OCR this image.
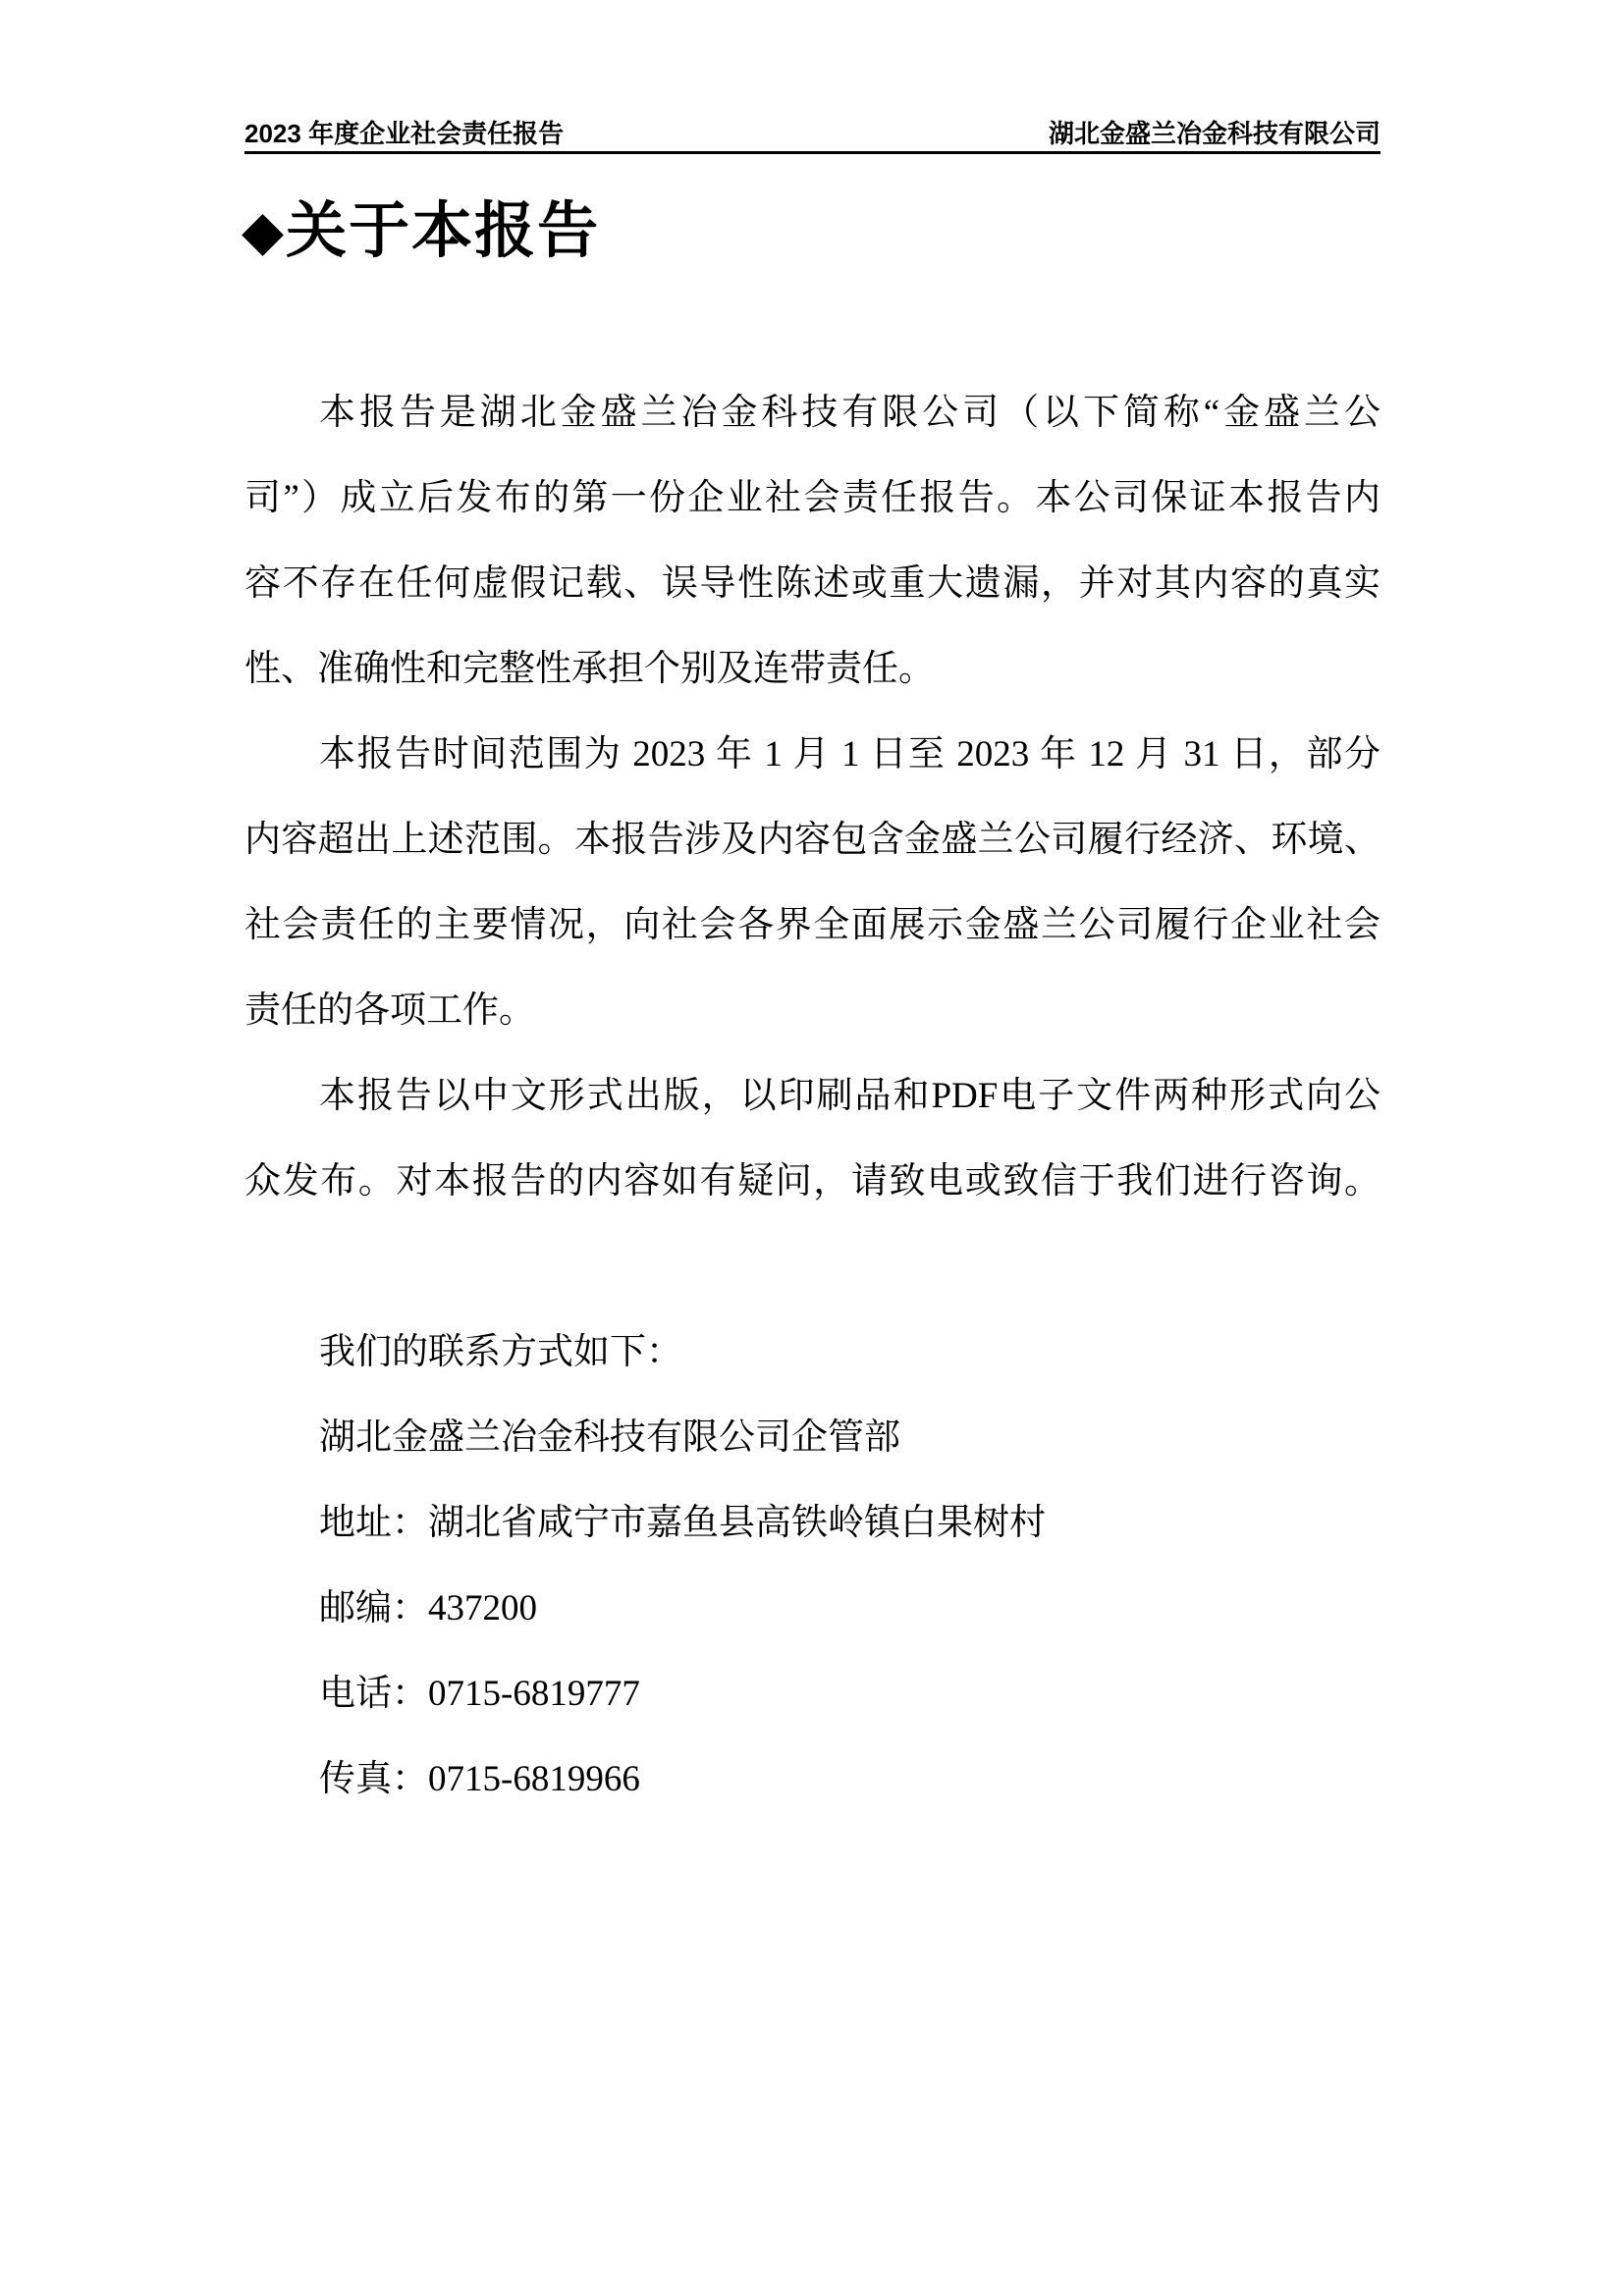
2023 年度企业社会责任报告	湖北金盛兰冶金科技有限公司
◆关于本报告
本报告是湖北金盛兰冶金科技有限公司（以下简称“金盛兰公
司”）成立后发布的第一份企业社会责任报告。本公司保证本报告内
容不存在任何虚假记载、误导性陈述或重大遗漏，并对其内容的真实
性、准确性和完整性承担个别及连带责任。
本报告时间范围为 2023 年 1 月 1 日至 2023 年 12 月 31 日，部分
内容超出上述范围。本报告涉及内容包含金盛兰公司履行经济、环境、
社会责任的主要情况，向社会各界全面展示金盛兰公司履行企业社会
责任的各项工作。
本报告以中文形式出版，以印刷品和PDF电子文件两种形式向公
众发布。对本报告的内容如有疑问，请致电或致信于我们进行咨询。
我们的联系方式如下：
湖北金盛兰冶金科技有限公司企管部
地址：湖北省咸宁市嘉鱼县高铁岭镇白果树村
邮编：437200
电话：0715-6819777
传真：0715-6819966
